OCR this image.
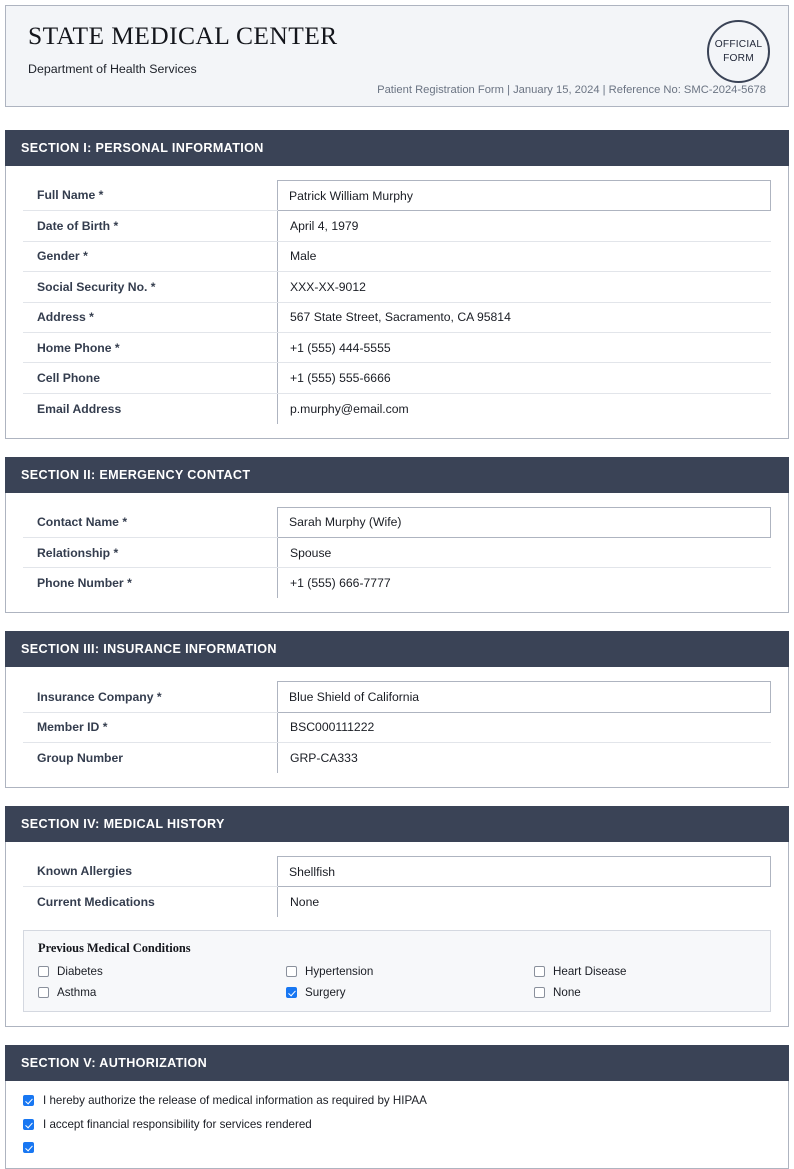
STATE MEDICAL CENTER
Department of Health Services
Patient Registration Form | January 15, 2024 | Reference No: SMC-2024-5678
OFFICIAL
FORM
SECTION I: PERSONAL INFORMATION
Full Name *	Patrick William Murphy
Date of Birth *	April 4, 1979
Gender *	Male
Social Security No. *	XXX-XX-9012
Address *	567 State Street, Sacramento, CA 95814
Home Phone *	+1 (555) 444-5555
Cell Phone	+1 (555) 555-6666
Email Address	p.murphy@email.com
SECTION II: EMERGENCY CONTACT
Contact Name *	Sarah Murphy (Wife)
Relationship *	Spouse
Phone Number *	+1 (555) 666-7777
SECTION III: INSURANCE INFORMATION
Insurance Company *	Blue Shield of California
Member ID *	BSC000111222
Group Number	GRP-CA333
SECTION IV: MEDICAL HISTORY
Known Allergies	Shellfish
Current Medications	None
Previous Medical Conditions
Diabetes	Hypertension	Heart Disease
Asthma	Surgery	None
SECTION V: AUTHORIZATION
I hereby authorize the release of medical information as required by HIPAA
I accept financial responsibility for services rendered
